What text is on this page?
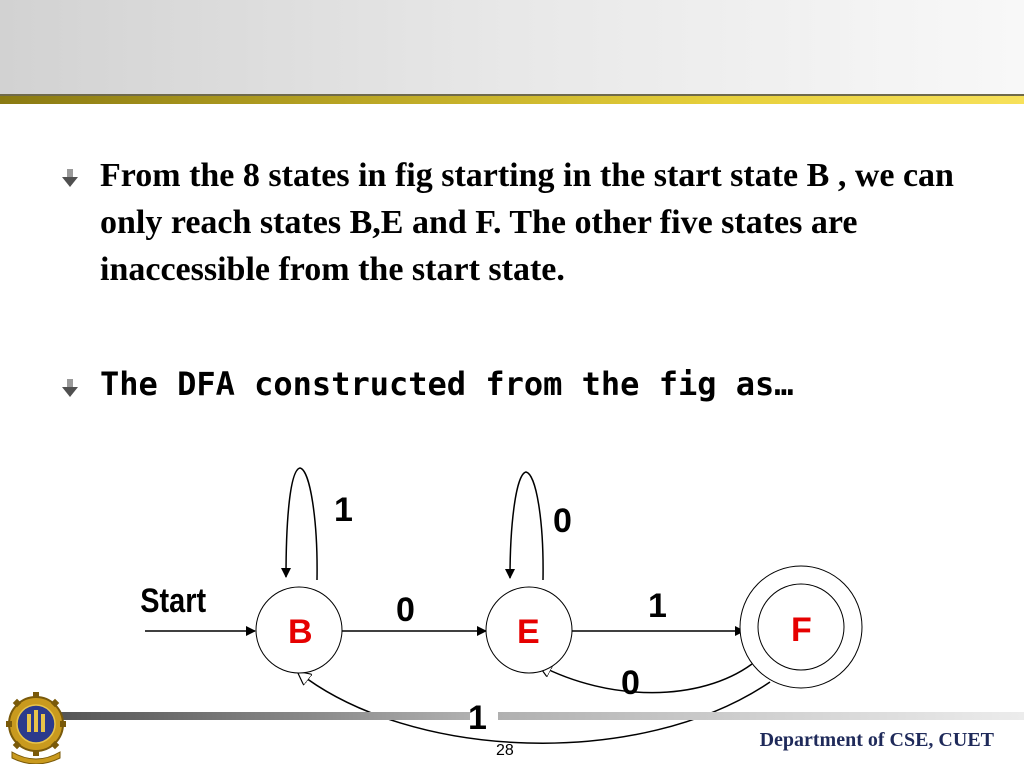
From the 8 states in fig starting in the start state B , we can only reach states B,E and F. The other five states are inaccessible from the start state.
The DFA constructed from the fig as…
Start
1	0
0	1
0
B	E	F
1
28	Department of CSE, CUET
